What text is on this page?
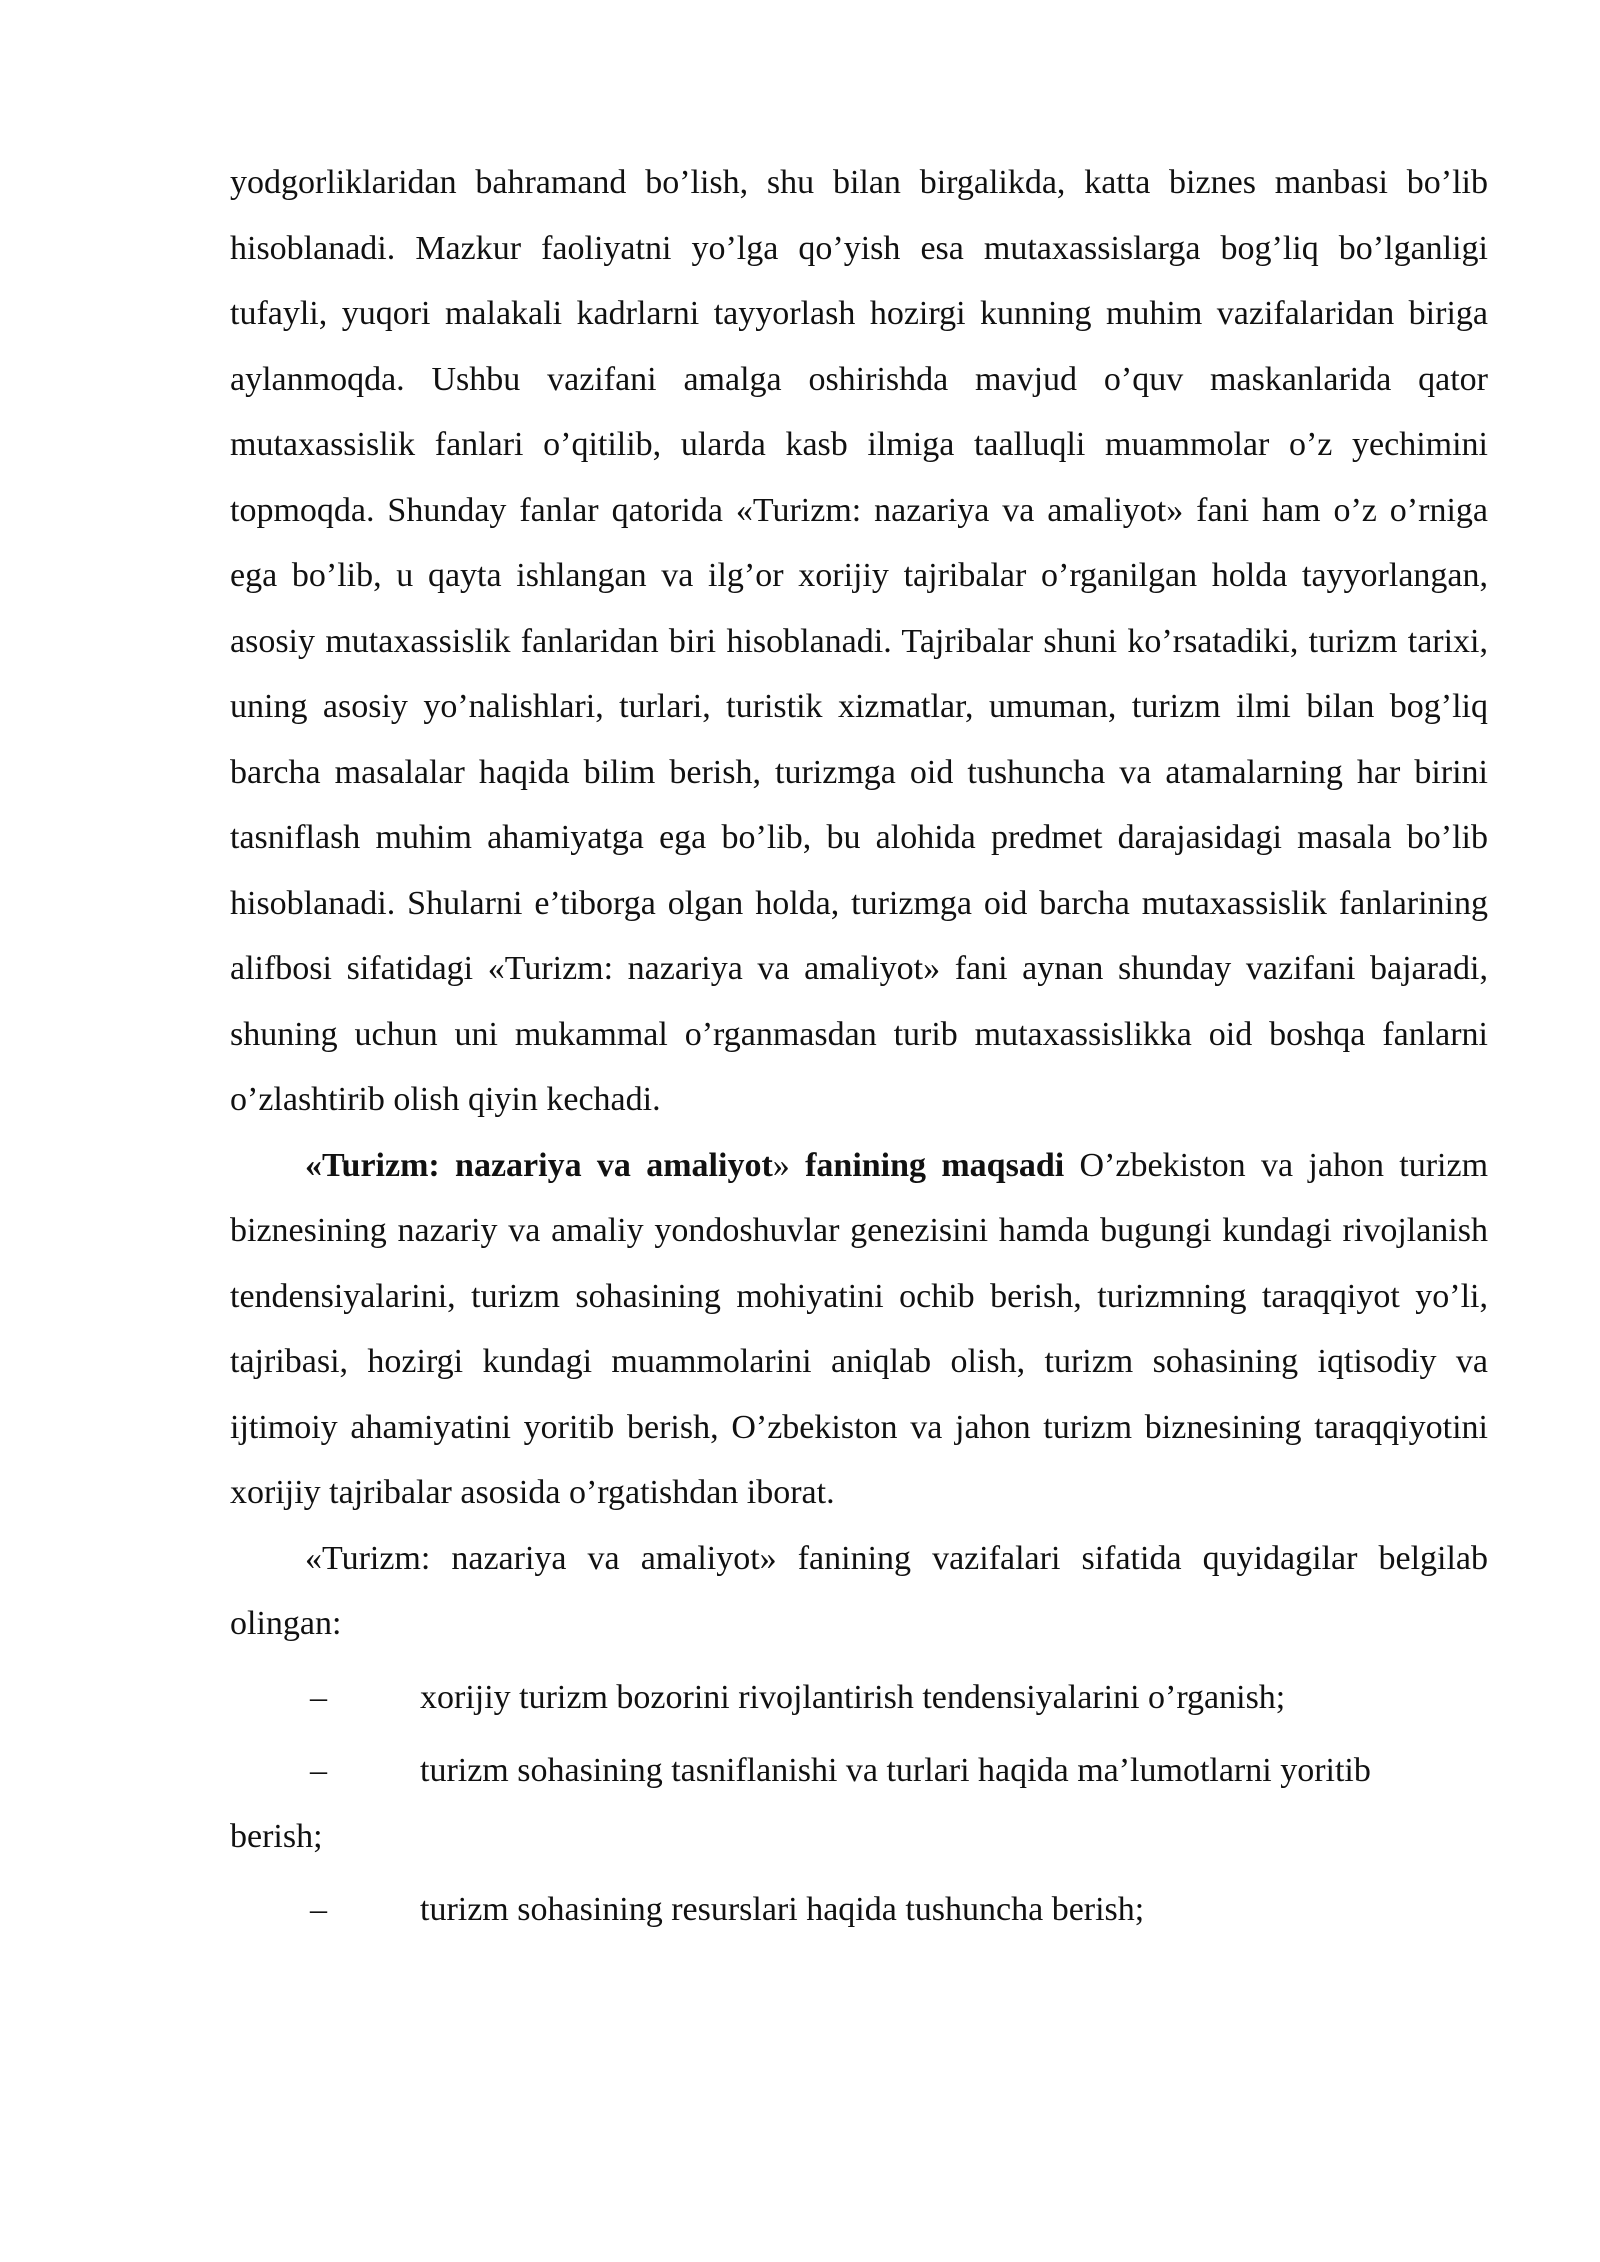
yodgorliklaridan bahramand bo’lish, shu bilan birgalikda, katta biznes manbasi bo’lib hisoblanadi. Mazkur faoliyatni yo’lga qo’yish esa mutaxassislarga bog’liq bo’lganligi tufayli, yuqori malakali kadrlarni tayyorlash hozirgi kunning muhim vazifalaridan biriga aylanmoqda. Ushbu vazifani amalga oshirishda mavjud o’quv maskanlarida qator mutaxassislik fanlari o’qitilib, ularda kasb ilmiga taalluqli muammolar o’z yechimini topmoqda. Shunday fanlar qatorida «Turizm: nazariya va amaliyot» fani ham o’z o’rniga ega bo’lib, u qayta ishlangan va ilg’or xorijiy tajribalar o’rganilgan holda tayyorlangan, asosiy mutaxassislik fanlaridan biri hisoblanadi. Tajribalar shuni ko’rsatadiki, turizm tarixi, uning asosiy yo’nalishlari, turlari, turistik xizmatlar, umuman, turizm ilmi bilan bog’liq barcha masalalar haqida bilim berish, turizmga oid tushuncha va atamalarning har birini tasniflash muhim ahamiyatga ega bo’lib, bu alohida predmet darajasidagi masala bo’lib hisoblanadi. Shularni e’tiborga olgan holda, turizmga oid barcha mutaxassislik fanlarining alifbosi sifatidagi «Turizm: nazariya va amaliyot» fani aynan shunday vazifani bajaradi, shuning uchun uni mukammal o’rganmasdan turib mutaxassislikka oid boshqa fanlarni o’zlashtirib olish qiyin kechadi.

«Turizm: nazariya va amaliyot» fanining maqsadi O’zbekiston va jahon turizm biznesining nazariy va amaliy yondoshuvlar genezisini hamda bugungi kundagi rivojlanish tendensiyalarini, turizm sohasining mohiyatini ochib berish, turizmning taraqqiyot yo’li, tajribasi, hozirgi kundagi muammolarini aniqlab olish, turizm sohasining iqtisodiy va ijtimoiy ahamiyatini yoritib berish, O’zbekiston va jahon turizm biznesining taraqqiyotini xorijiy tajribalar asosida o’rgatishdan iborat.

«Turizm: nazariya va amaliyot» fanining vazifalari sifatida quyidagilar belgilab olingan:

–	xorijiy turizm bozorini rivojlantirish tendensiyalarini o’rganish;
–	turizm sohasining tasniflanishi va turlari haqida ma’lumotlarni yoritib

berish;

–	turizm sohasining resurslari haqida tushuncha berish;
